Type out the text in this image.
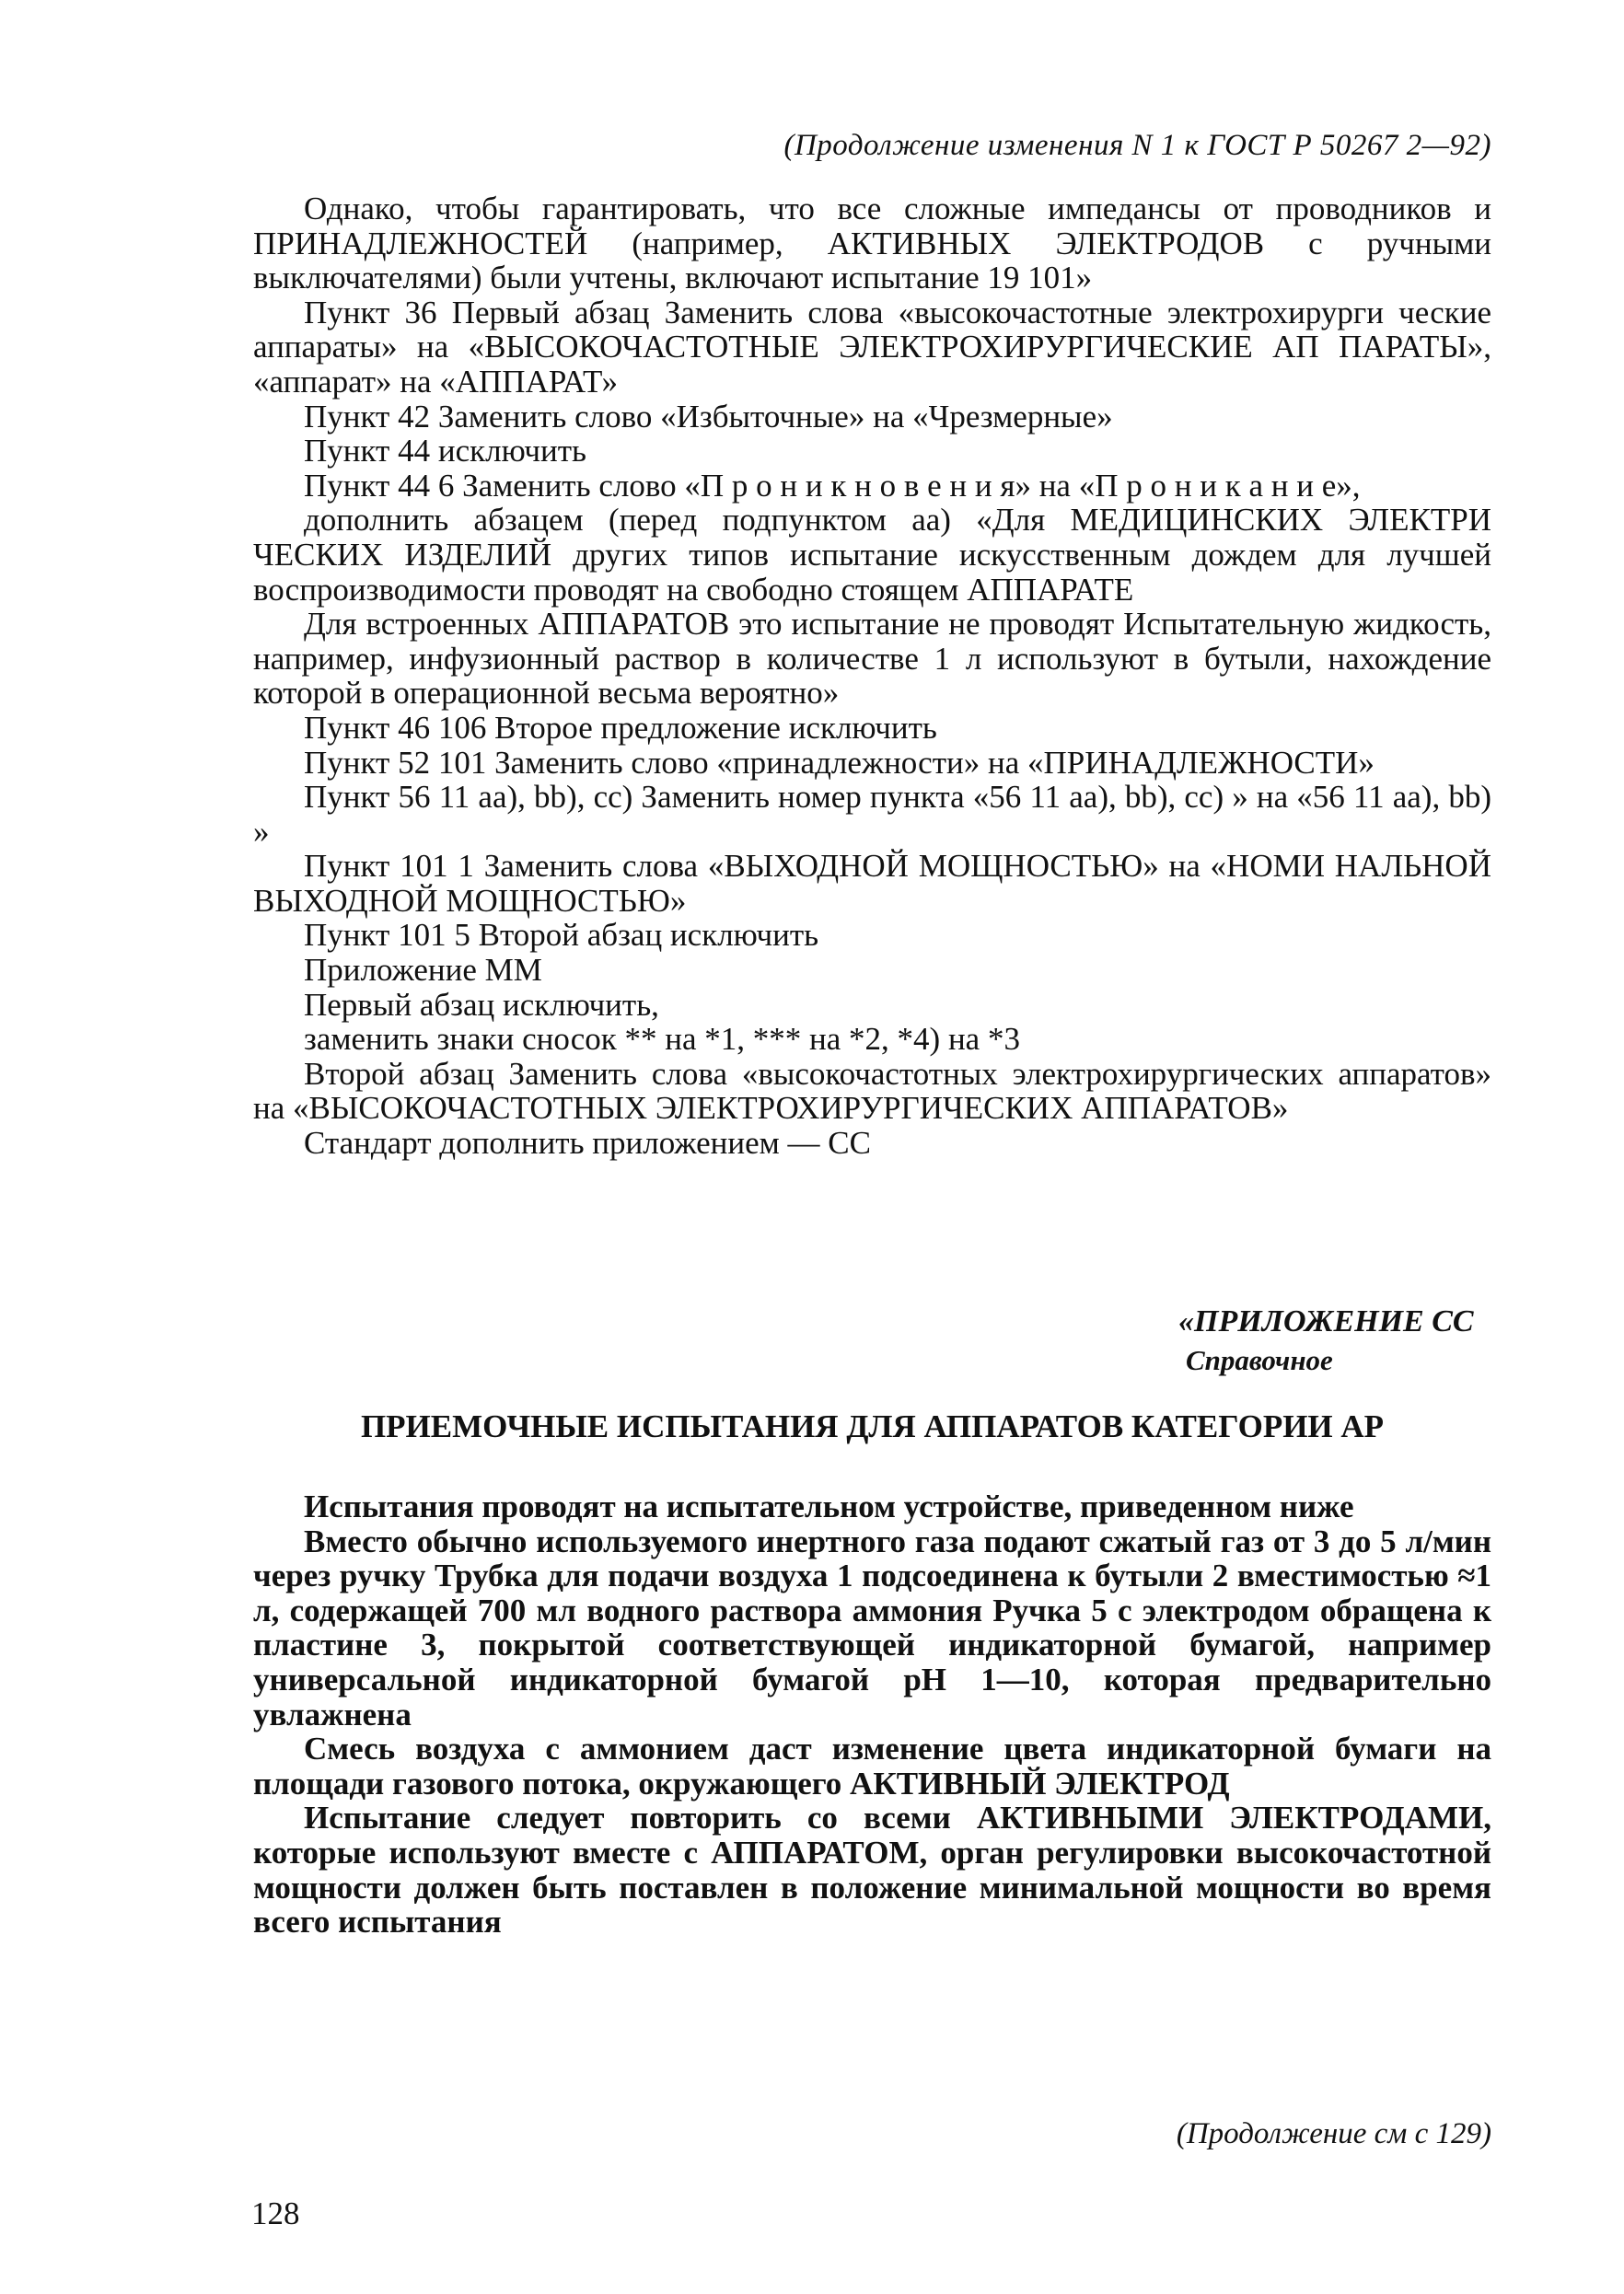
(Продолжение изменения N 1 к ГОСТ Р 50267 2—92)

Однако, чтобы гарантировать, что все сложные импедансы от проводников и ПРИНАДЛЕЖНОСТЕЙ (например, АКТИВНЫХ ЭЛЕКТРОДОВ с ручными выключателями) были учтены, включают испытание 19 101»

Пункт 36 Первый абзац Заменить слова «высокочастотные электрохирурги ческие аппараты» на «ВЫСОКОЧАСТОТНЫЕ ЭЛЕКТРОХИРУРГИЧЕСКИЕ АП ПАРАТЫ», «аппарат» на «АППАРАТ»

Пункт 42 Заменить слово «Избыточные» на «Чрезмерные»

Пункт 44 исключить

Пункт 44 6 Заменить слово «П р о н и к н о в е н и я» на «П р о н и к а н и е»,

дополнить абзацем (перед подпунктом аа) «Для МЕДИЦИНСКИХ ЭЛЕКТРИ ЧЕСКИХ ИЗДЕЛИЙ других типов испытание искусственным дождем для лучшей воспроизводимости проводят на свободно стоящем АППАРАТЕ

Для встроенных АППАРАТОВ это испытание не проводят Испытательную жидкость, например, инфузионный раствор в количестве 1 л используют в бутыли, нахождение которой в операционной весьма вероятно»

Пункт 46 106 Второе предложение исключить

Пункт 52 101 Заменить слово «принадлежности» на «ПРИНАДЛЕЖНОСТИ»

Пункт 56 11 аа), bb), cc) Заменить номер пункта «56 11 аа), bb), cc) » на «56 11 аа), bb) »

Пункт 101 1 Заменить слова «ВЫХОДНОЙ МОЩНОСТЬЮ» на «НОМИ НАЛЬНОЙ ВЫХОДНОЙ МОЩНОСТЬЮ»

Пункт 101 5 Второй абзац исключить

Приложение ММ

Первый абзац исключить,

заменить знаки сносок ** на *1, *** на *2, *4) на *3

Второй абзац Заменить слова «высокочастотных электрохирургических аппаратов» на «ВЫСОКОЧАСТОТНЫХ ЭЛЕКТРОХИРУРГИЧЕСКИХ АППАРАТОВ»

Стандарт дополнить приложением — СС

«ПРИЛОЖЕНИЕ СС
Справочное
ПРИЕМОЧНЫЕ ИСПЫТАНИЯ ДЛЯ АППАРАТОВ КАТЕГОРИИ АР

Испытания проводят на испытательном устройстве, приведенном ниже

Вместо обычно используемого инертного газа подают сжатый газ от 3 до 5 л/мин через ручку Трубка для подачи воздуха 1 подсоединена к бутыли 2 вместимостью ≈1 л, содержащей 700 мл водного раствора аммония Ручка 5 с электродом обращена к пластине 3, покрытой соответствующей индикаторной бумагой, например универсальной индикаторной бумагой pH 1—10, которая предварительно увлажнена

Смесь воздуха с аммонием даст изменение цвета индикаторной бумаги на площади газового потока, окружающего АКТИВНЫЙ ЭЛЕКТРОД

Испытание следует повторить со всеми АКТИВНЫМИ ЭЛЕКТРОДАМИ, которые используют вместе с АППАРАТОМ, орган регулировки высокочастотной мощности должен быть поставлен в положение минимальной мощности во время всего испытания

(Продолжение см с 129)
128
